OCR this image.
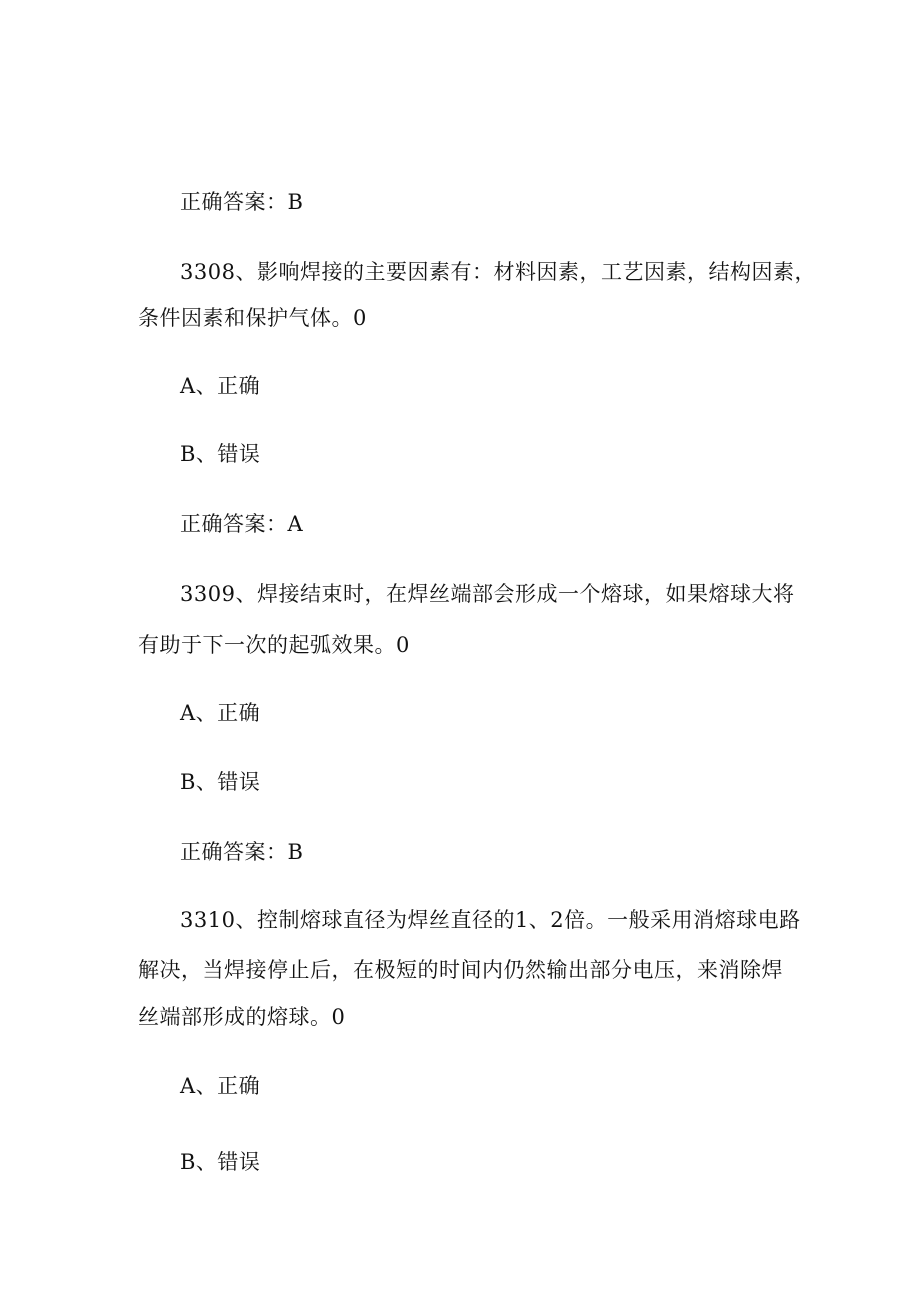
正确答案：B
3308、影响焊接的主要因素有：材料因素，工艺因素，结构因素，
条件因素和保护气体。0
A、正确
B、错误
正确答案：A
3309、焊接结束时，在焊丝端部会形成一个熔球，如果熔球大将
有助于下一次的起弧效果。0
A、正确
B、错误
正确答案：B
3310、控制熔球直径为焊丝直径的1、2倍。一般采用消熔球电路
解决，当焊接停止后，在极短的时间内仍然输出部分电压，来消除焊
丝端部形成的熔球。0
A、正确
B、错误
